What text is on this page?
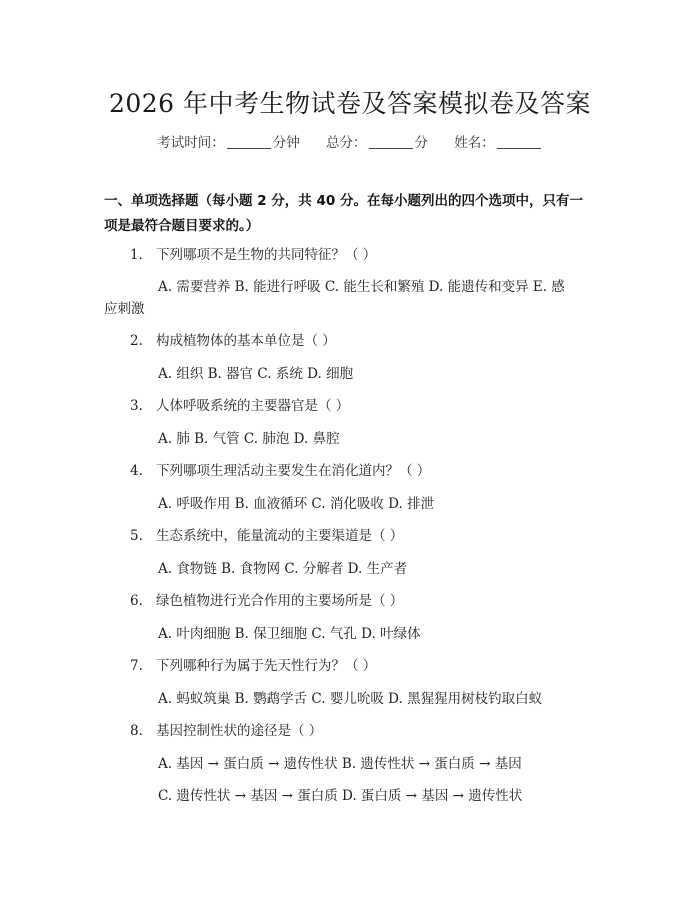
2026 年中考生物试卷及答案模拟卷及答案
考试时间：	分钟 总分：	分 姓名：
一、单项选择题（每小题 2 分，共 40 分。在每小题列出的四个选项中，只有一项是最符合题目要求的。）
1. 下列哪项不是生物的共同特征？（ ）
A. 需要营养 B. 能进行呼吸 C. 能生长和繁殖 D. 能遗传和变异 E. 感
应刺激
2. 构成植物体的基本单位是（ ）
A. 组织 B. 器官 C. 系统 D. 细胞
3. 人体呼吸系统的主要器官是（ ）
A. 肺 B. 气管 C. 肺泡 D. 鼻腔
4. 下列哪项生理活动主要发生在消化道内？（ ）
A. 呼吸作用 B. 血液循环 C. 消化吸收 D. 排泄
5. 生态系统中，能量流动的主要渠道是（ ）
A. 食物链 B. 食物网 C. 分解者 D. 生产者
6. 绿色植物进行光合作用的主要场所是（ ）
A. 叶肉细胞 B. 保卫细胞 C. 气孔 D. 叶绿体
7. 下列哪种行为属于先天性行为？（ ）
A. 蚂蚁筑巢 B. 鹦鹉学舌 C. 婴儿吮吸 D. 黑猩猩用树枝钓取白蚁
8. 基因控制性状的途径是（ ）
A. 基因 → 蛋白质 → 遗传性状 B. 遗传性状 → 蛋白质 → 基因
C. 遗传性状 → 基因 → 蛋白质 D. 蛋白质 → 基因 → 遗传性状
